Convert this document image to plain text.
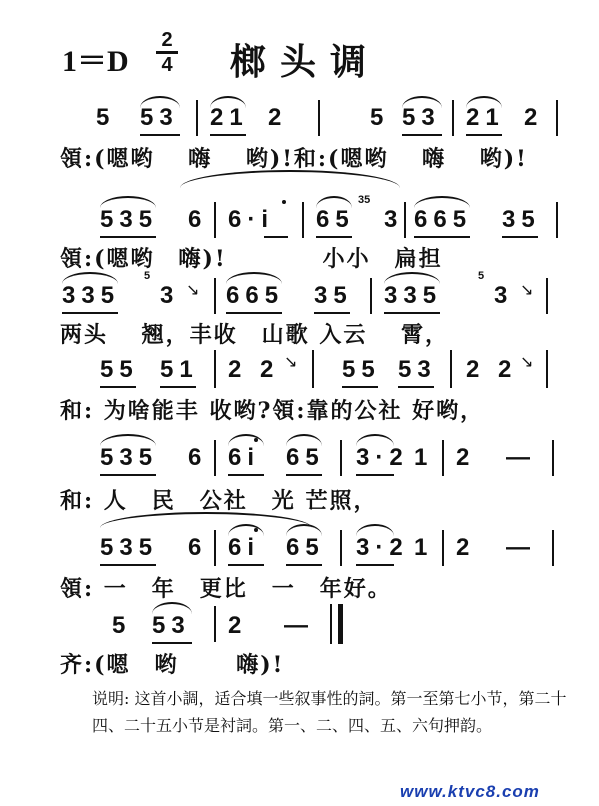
1＝D
2
4 榔头调
5 53 21 2	5 53 21 2
領:(嗯哟　 嗨　 哟)!和:(嗯哟　 嗨　 哟)!
535 6 6·i 65
35
3 665 35
領:(嗯哟　嗨)!　　　　小小　扁担
335
5
3 ↘ 665 35 335
5
3 ↘
两头　 翘，丰收　山歌 入云　 霄，
55 51 2 2 ↘ 55 53 2 2 ↘
和: 为啥能丰 收哟?領:靠的公社 好哟，
535 6 6i 65 3·2 1 2 —
和: 人　民　公社　光 芒照，
535 6 6i 65 3·2 1 2 —
領: 一　年　更比　一　年好。
5 53 2 —
齐:(嗯　哟　　 嗨)!
说明: 这首小調，适合填一些叙事性的詞。第一至第七小节，第二十四、二十五小节是衬詞。第一、二、四、五、六句押韵。
www.ktvc8.com
